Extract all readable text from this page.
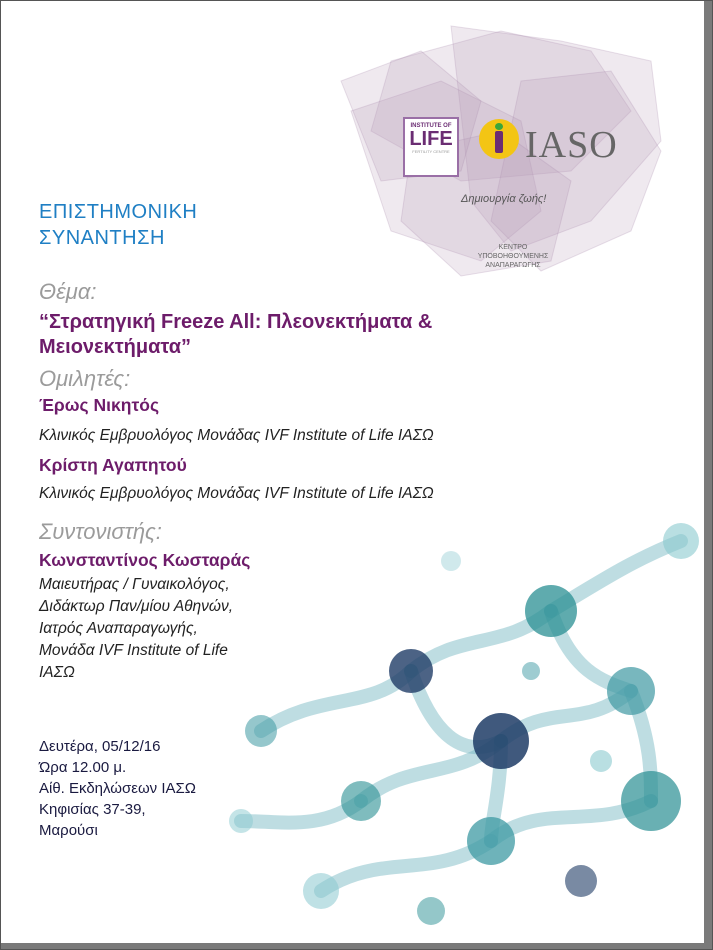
INSTITUTE OF
LIFE
FERTILITY CENTRE IASO
Δημιουργία ζωής!
ΚΕΝΤΡΟ ΥΠΟΒΟΗΘΟΥΜΕΝΗΣ ΑΝΑΠΑΡΑΓΩΓΗΣ
ΕΠΙΣΤΗΜΟΝΙΚΗ
ΣΥΝΑΝΤΗΣΗ
Θέμα:
“Στρατηγική Freeze All: Πλεονεκτήματα &
Μειονεκτήματα”
Ομιλητές:
Έρως Νικητός
Κλινικός Εμβρυολόγος Μονάδας IVF Institute of Life ΙΑΣΩ
Κρίστη Αγαπητού
Κλινικός Εμβρυολόγος Μονάδας IVF Institute of Life ΙΑΣΩ
Συντονιστής:
Κωνσταντίνος Κωσταράς
Μαιευτήρας / Γυναικολόγος,
Διδάκτωρ Παν/μίου Αθηνών,
Ιατρός Αναπαραγωγής,
Μονάδα IVF Institute of Life
ΙΑΣΩ
Δευτέρα, 05/12/16
Ώρα 12.00 μ.
Αίθ. Εκδηλώσεων ΙΑΣΩ
Κηφισίας 37-39,
Μαρούσι
